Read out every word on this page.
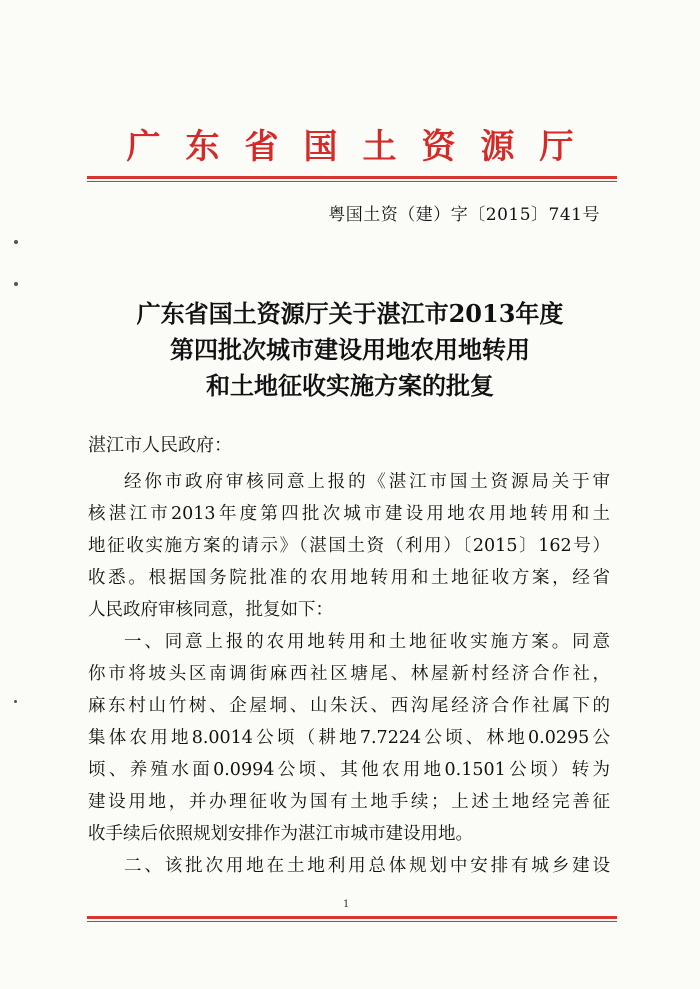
广东省国土资源厅
粤国土资（建）字〔2015〕741号
广东省国土资源厅关于湛江市2013年度
第四批次城市建设用地农用地转用
和土地征收实施方案的批复
湛江市人民政府：
经你市政府审核同意上报的《湛江市国土资源局关于审
核湛江市2013年度第四批次城市建设用地农用地转用和土
地征收实施方案的请示》（湛国土资（利用）〔2015〕162号）
收悉。根据国务院批准的农用地转用和土地征收方案，经省
人民政府审核同意，批复如下：
一、同意上报的农用地转用和土地征收实施方案。同意
你市将坡头区南调街麻西社区塘尾、林屋新村经济合作社，
麻东村山竹树、企屋垌、山朱沃、西沟尾经济合作社属下的
集体农用地8.0014公顷（耕地7.7224公顷、林地0.0295公
顷、养殖水面0.0994公顷、其他农用地0.1501公顷）转为
建设用地，并办理征收为国有土地手续；上述土地经完善征
收手续后依照规划安排作为湛江市城市建设用地。
二、该批次用地在土地利用总体规划中安排有城乡建设
1
